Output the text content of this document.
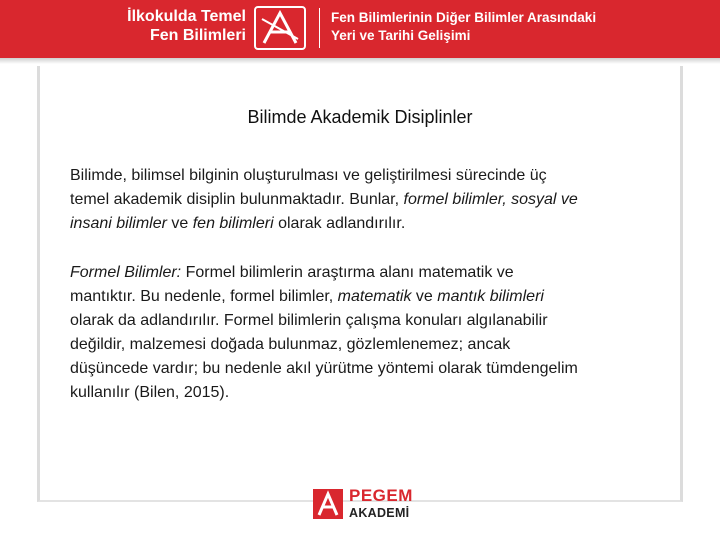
İlkokulda Temel
Fen Bilimleri
Fen Bilimlerinin Diğer Bilimler Arasındaki
Yeri ve Tarihi Gelişimi
Bilimde Akademik Disiplinler
Bilimde, bilimsel bilginin oluşturulması ve geliştirilmesi sürecinde üç
temel akademik disiplin bulunmaktadır. Bunlar, formel bilimler, sosyal ve
insani bilimler ve fen bilimleri olarak adlandırılır.
Formel Bilimler: Formel bilimlerin araştırma alanı matematik ve
mantıktır. Bu nedenle, formel bilimler, matematik ve mantık bilimleri
olarak da adlandırılır. Formel bilimlerin çalışma konuları algılanabilir
değildir, malzemesi doğada bulunmaz, gözlemlenemez; ancak
düşüncede vardır; bu nedenle akıl yürütme yöntemi olarak tümdengelim
kullanılır (Bilen, 2015).
PEGEM
AKADEMİ
